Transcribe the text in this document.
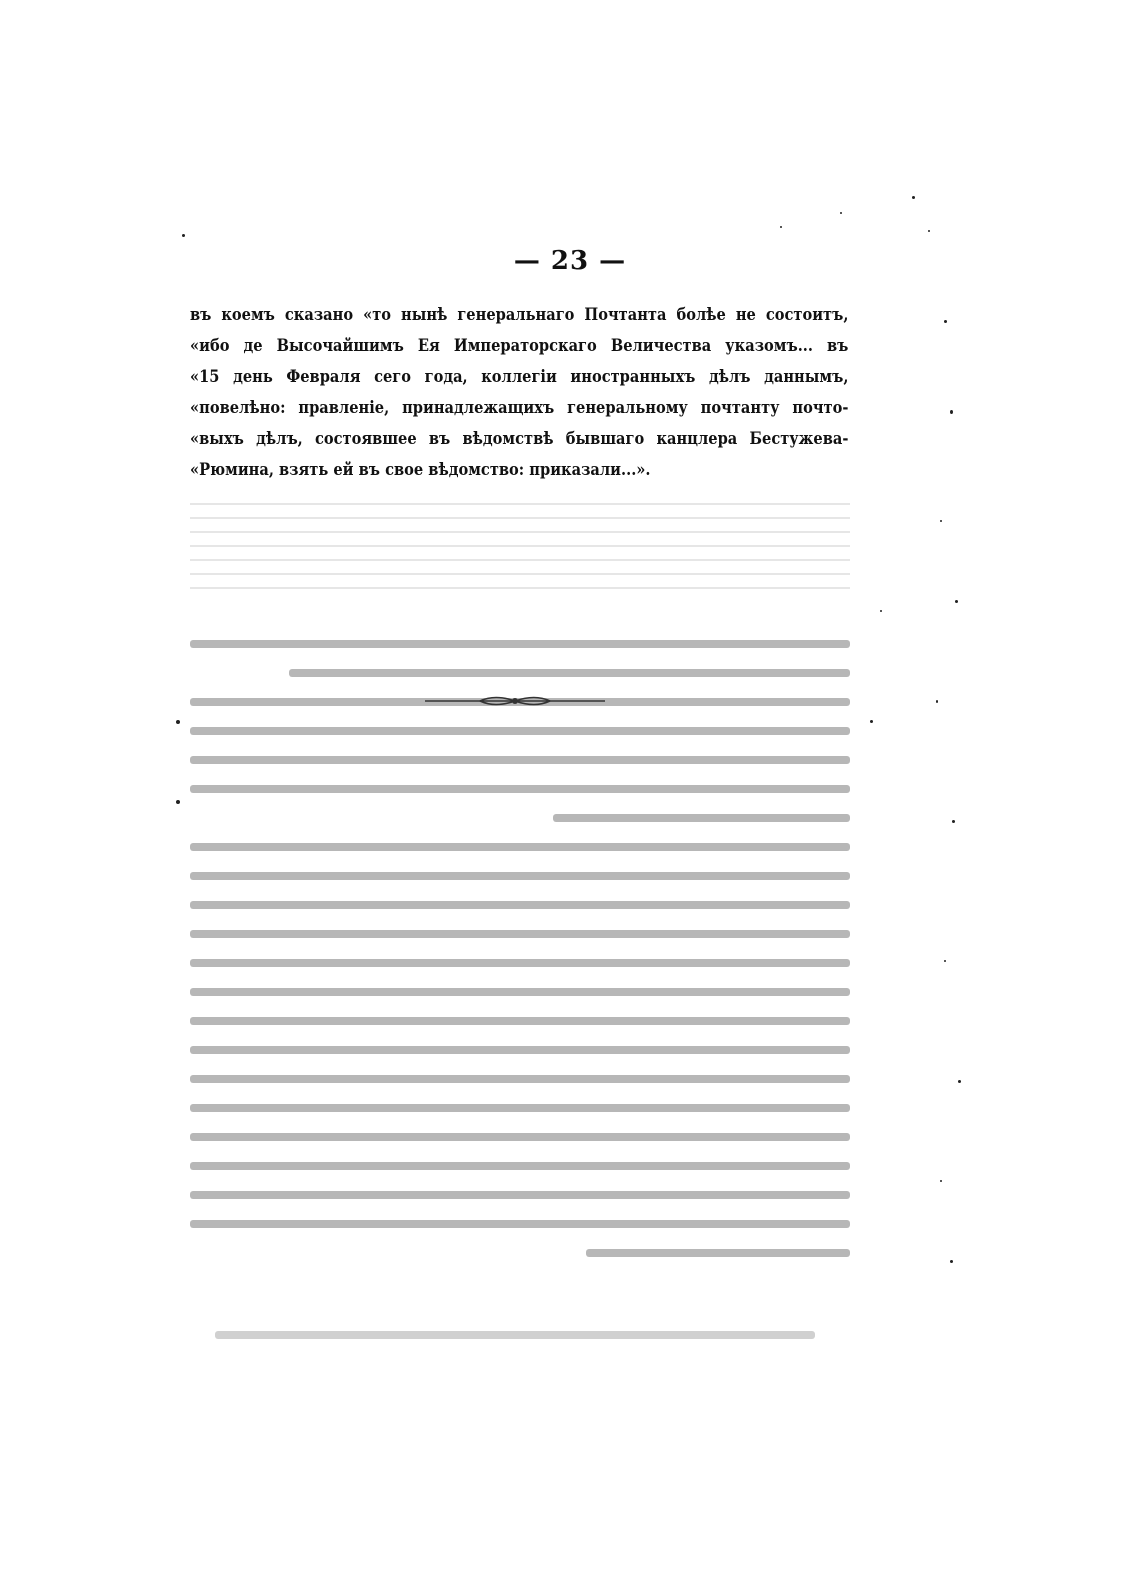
— 23 —
въ коемъ сказано «то нынѣ генеральнаго Почтанта болѣе не состоитъ,
«ибо де Высочайшимъ Ея Императорскаго Величества указомъ... въ
«15 день Февраля сего года, коллегіи иностранныхъ дѣлъ даннымъ,
«повелѣно: правленіе, принадлежащихъ генеральному почтанту почто-
«выхъ дѣлъ, состоявшее въ вѣдомствѣ бывшаго канцлера Бестужева-
«Рюмина, взять ей въ свое вѣдомство: приказали...».
